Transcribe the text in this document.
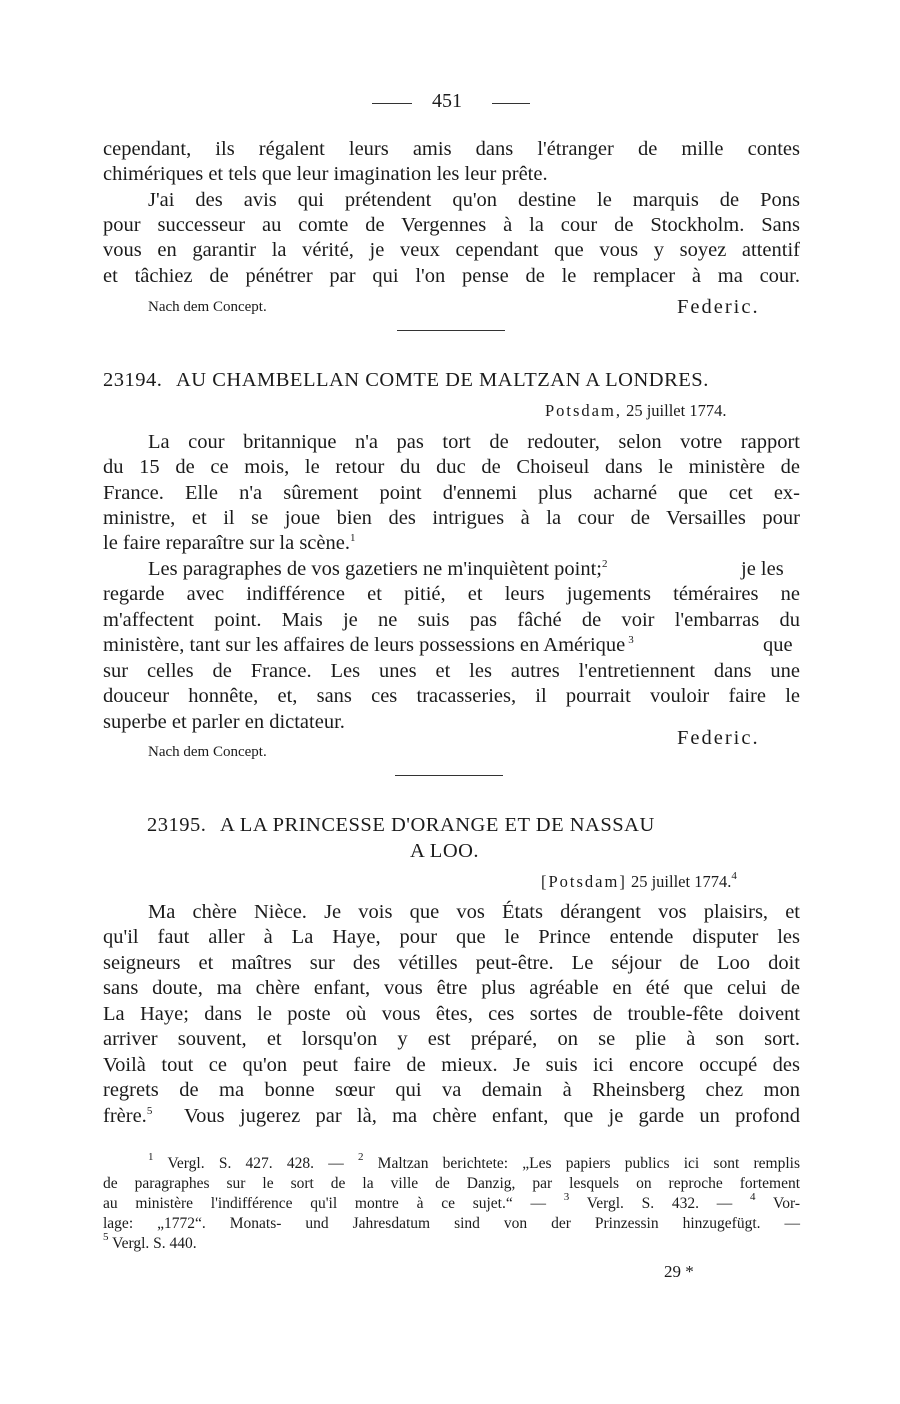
451
cependant, ils régalent leurs amis dans l'étranger de mille contes
chimériques et tels que leur imagination les leur prête.
J'ai des avis qui prétendent qu'on destine le marquis de Pons
pour successeur au comte de Vergennes à la cour de Stockholm. Sans
vous en garantir la vérité, je veux cependant que vous y soyez attentif
et tâchiez de pénétrer par qui l'on pense de le remplacer à ma cour.
Nach dem Concept.	Federic.
23194. AU CHAMBELLAN COMTE DE MALTZAN A LONDRES.
Potsdam, 25 juillet 1774.
La cour britannique n'a pas tort de redouter, selon votre rapport
du 15 de ce mois, le retour du duc de Choiseul dans le ministère de
France. Elle n'a sûrement point d'ennemi plus acharné que cet ex-
ministre, et il se joue bien des intrigues à la cour de Versailles pour
le faire reparaître sur la scène.$^1$
Les paragraphes de vos gazetiers ne m'inquiètent point;$^2$	je les
regarde avec indifférence et pitié, et leurs jugements téméraires ne
m'affectent point. Mais je ne suis pas fâché de voir l'embarras du
ministère, tant sur les affaires de leurs possessions en Amérique $^3$	que
sur celles de France. Les unes et les autres l'entretiennent dans une
douceur honnête, et, sans ces tracasseries, il pourrait vouloir faire le
superbe et parler en dictateur.
Nach dem Concept.
Federic.
23195. A LA PRINCESSE D'ORANGE ET DE NASSAU
A LOO.
[Potsdam] 25 juillet 1774.$^4$
Ma chère Nièce. Je vois que vos États dérangent vos plaisirs, et
qu'il faut aller à La Haye, pour que le Prince entende disputer les
seigneurs et maîtres sur des vétilles peut-être. Le séjour de Loo doit
sans doute, ma chère enfant, vous être plus agréable en été que celui de
La Haye; dans le poste où vous êtes, ces sortes de trouble-fête doivent
arriver souvent, et lorsqu'on y est préparé, on se plie à son sort.
Voilà tout ce qu'on peut faire de mieux. Je suis ici encore occupé des
regrets de ma bonne sœur qui va demain à Rheinsberg chez mon
frère.$^5$ Vous jugerez par là, ma chère enfant, que je garde un profond
$^1$ Vergl. S. 427. 428. — $^2$ Maltzan berichtete: „Les papiers publics ici sont remplis
de paragraphes sur le sort de la ville de Danzig, par lesquels on reproche fortement
au ministère l'indifférence qu'il montre à ce sujet.“ — $^3$ Vergl. S. 432. — $^4$ Vor-
lage: „1772“. Monats- und Jahresdatum sind von der Prinzessin hinzugefügt. —
$^5$ Vergl. S. 440.
29 *
